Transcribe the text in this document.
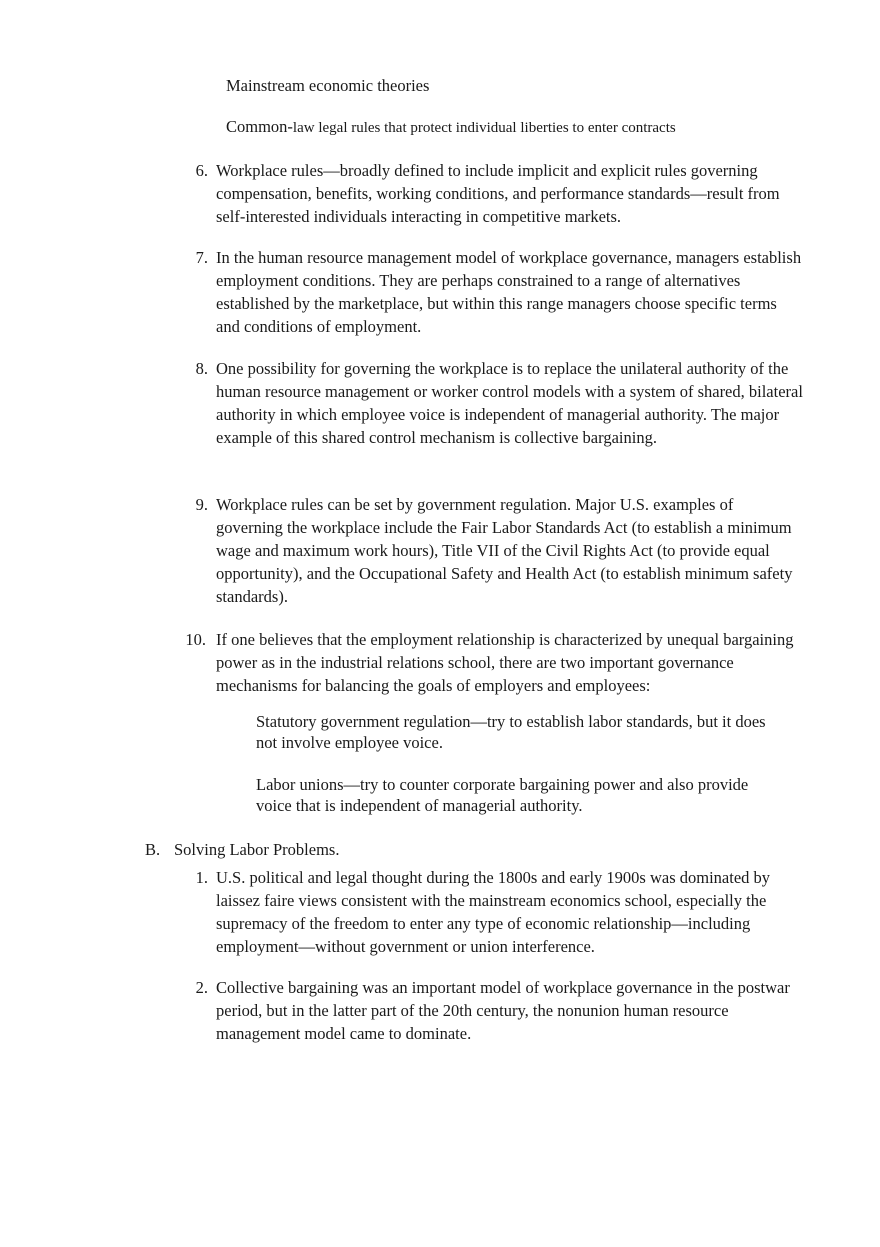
Mainstream economic theories
Common-law legal rules that protect individual liberties to enter contracts
6. Workplace rules—broadly defined to include implicit and explicit rules governing compensation, benefits, working conditions, and performance standards—result from self-interested individuals interacting in competitive markets.
7. In the human resource management model of workplace governance, managers establish employment conditions. They are perhaps constrained to a range of alternatives established by the marketplace, but within this range managers choose specific terms and conditions of employment.
8. One possibility for governing the workplace is to replace the unilateral authority of the human resource management or worker control models with a system of shared, bilateral authority in which employee voice is independent of managerial authority. The major example of this shared control mechanism is collective bargaining.
9. Workplace rules can be set by government regulation. Major U.S. examples of governing the workplace include the Fair Labor Standards Act (to establish a minimum wage and maximum work hours), Title VII of the Civil Rights Act (to provide equal opportunity), and the Occupational Safety and Health Act (to establish minimum safety standards).
10. If one believes that the employment relationship is characterized by unequal bargaining power as in the industrial relations school, there are two important governance mechanisms for balancing the goals of employers and employees:
Statutory government regulation—try to establish labor standards, but it does not involve employee voice.
Labor unions—try to counter corporate bargaining power and also provide voice that is independent of managerial authority.
B. Solving Labor Problems.
1. U.S. political and legal thought during the 1800s and early 1900s was dominated by laissez faire views consistent with the mainstream economics school, especially the supremacy of the freedom to enter any type of economic relationship—including employment—without government or union interference.
2. Collective bargaining was an important model of workplace governance in the postwar period, but in the latter part of the 20th century, the nonunion human resource management model came to dominate.
